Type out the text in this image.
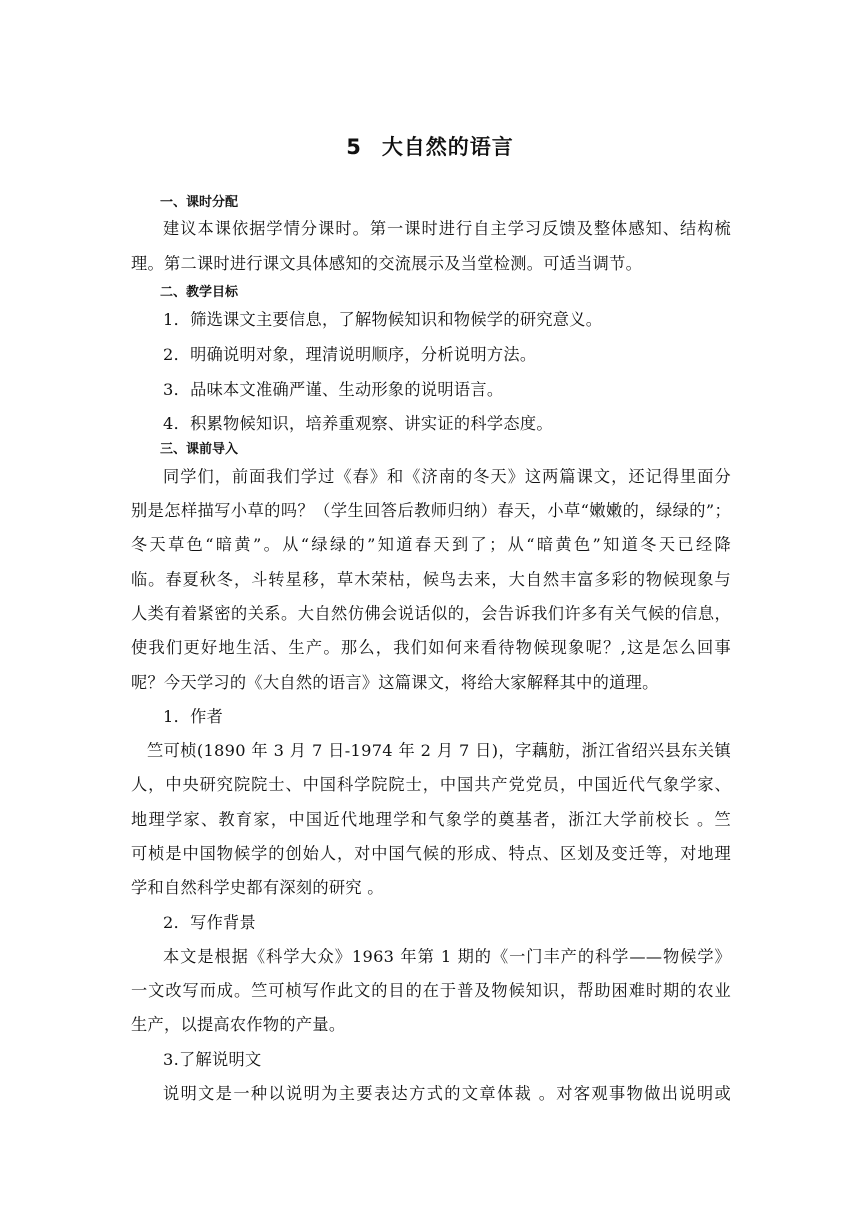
5 大自然的语言
一、课时分配
建议本课依据学情分课时。第一课时进行自主学习反馈及整体感知、结构梳
理。第二课时进行课文具体感知的交流展示及当堂检测。可适当调节。
二、教学目标
1．筛选课文主要信息，了解物候知识和物候学的研究意义。
2．明确说明对象，理清说明顺序，分析说明方法。
3．品味本文准确严谨、生动形象的说明语言。
4．积累物候知识，培养重观察、讲实证的科学态度。
三、课前导入
同学们，前面我们学过《春》和《济南的冬天》这两篇课文，还记得里面分
别是怎样描写小草的吗？（学生回答后教师归纳）春天，小草“嫩嫩的，绿绿的”；
冬天草色“暗黄”。从“绿绿的”知道春天到了；从“暗黄色”知道冬天已经降
临。春夏秋冬，斗转星移，草木荣枯，候鸟去来，大自然丰富多彩的物候现象与
人类有着紧密的关系。大自然仿佛会说话似的，会告诉我们许多有关气候的信息，
使我们更好地生活、生产。那么，我们如何来看待物候现象呢？,这是怎么回事
呢？今天学习的《大自然的语言》这篇课文，将给大家解释其中的道理。
1．作者
竺可桢(1890 年 3 月 7 日-1974 年 2 月 7 日)，字藕舫，浙江省绍兴县东关镇
人，中央研究院院士、中国科学院院士，中国共产党党员，中国近代气象学家、
地理学家、教育家，中国近代地理学和气象学的奠基者，浙江大学前校长 。竺
可桢是中国物候学的创始人，对中国气候的形成、特点、区划及变迁等，对地理
学和自然科学史都有深刻的研究 。
2．写作背景
本文是根据《科学大众》1963 年第 1 期的《一门丰产的科学——物候学》
一文改写而成。竺可桢写作此文的目的在于普及物候知识，帮助困难时期的农业
生产，以提高农作物的产量。
3.了解说明文
说明文是一种以说明为主要表达方式的文章体裁 。对客观事物做出说明或
